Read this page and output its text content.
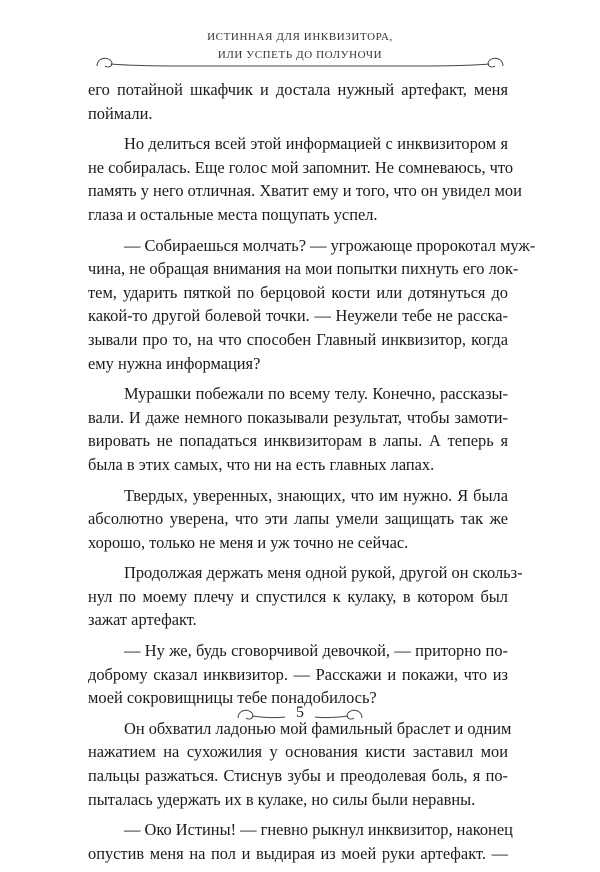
ИСТИННАЯ ДЛЯ ИНКВИЗИТОРА,
ИЛИ УСПЕТЬ ДО ПОЛУНОЧИ

его потайной шкафчик и достала нужный артефакт, меня
поймали.

Но делиться всей этой информацией с инквизитором я
не собиралась. Еще голос мой запомнит. Не сомневаюсь, что
память у него отличная. Хватит ему и того, что он увидел мои
глаза и остальные места пощупать успел.

— Собираешься молчать? — угрожающе пророкотал муж-
чина, не обращая внимания на мои попытки пихнуть его лок-
тем, ударить пяткой по берцовой кости или дотянуться до
какой-то другой болевой точки. — Неужели тебе не расска-
зывали про то, на что способен Главный инквизитор, когда
ему нужна информация?

Мурашки побежали по всему телу. Конечно, рассказы-
вали. И даже немного показывали результат, чтобы замоти-
вировать не попадаться инквизиторам в лапы. А теперь я
была в этих самых, что ни на есть главных лапах.

Твердых, уверенных, знающих, что им нужно. Я была
абсолютно уверена, что эти лапы умели защищать так же
хорошо, только не меня и уж точно не сейчас.

Продолжая держать меня одной рукой, другой он скольз-
нул по моему плечу и спустился к кулаку, в котором был
зажат артефакт.

— Ну же, будь сговорчивой девочкой, — приторно по-
доброму сказал инквизитор. — Расскажи и покажи, что из
моей сокровищницы тебе понадобилось?

Он обхватил ладонью мой фамильный браслет и одним
нажатием на сухожилия у основания кисти заставил мои
пальцы разжаться. Стиснув зубы и преодолевая боль, я по-
пыталась удержать их в кулаке, но силы были неравны.

— Око Истины! — гневно рыкнул инквизитор, наконец
опустив меня на пол и выдирая из моей руки артефакт. —

5
